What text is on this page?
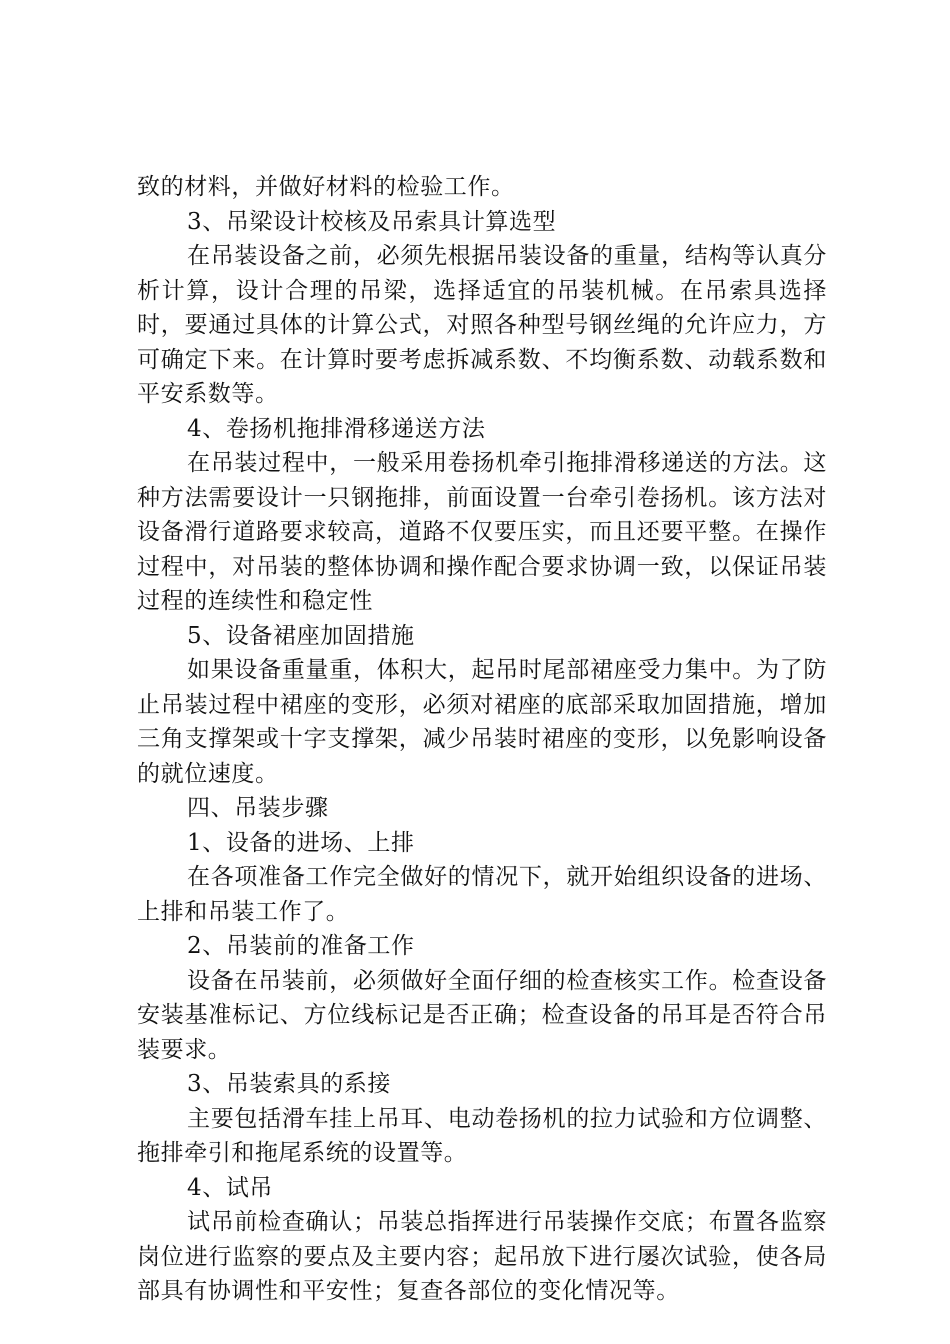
致的材料，并做好材料的检验工作。

3、吊梁设计校核及吊索具计算选型

在吊装设备之前，必须先根据吊装设备的重量，结构等认真分析计算，设计合理的吊梁，选择适宜的吊装机械。在吊索具选择时，要通过具体的计算公式，对照各种型号钢丝绳的允许应力，方可确定下来。在计算时要考虑拆减系数、不均衡系数、动载系数和平安系数等。

4、卷扬机拖排滑移递送方法

在吊装过程中，一般采用卷扬机牵引拖排滑移递送的方法。这种方法需要设计一只钢拖排，前面设置一台牵引卷扬机。该方法对设备滑行道路要求较高，道路不仅要压实，而且还要平整。在操作过程中，对吊装的整体协调和操作配合要求协调一致，以保证吊装过程的连续性和稳定性

5、设备裙座加固措施

如果设备重量重，体积大，起吊时尾部裙座受力集中。为了防止吊装过程中裙座的变形，必须对裙座的底部采取加固措施，增加三角支撑架或十字支撑架，减少吊装时裙座的变形，以免影响设备的就位速度。

四、吊装步骤

1、设备的进场、上排

在各项准备工作完全做好的情况下，就开始组织设备的进场、上排和吊装工作了。

2、吊装前的准备工作

设备在吊装前，必须做好全面仔细的检查核实工作。检查设备安装基准标记、方位线标记是否正确；检查设备的吊耳是否符合吊装要求。

3、吊装索具的系接

主要包括滑车挂上吊耳、电动卷扬机的拉力试验和方位调整、拖排牵引和拖尾系统的设置等。

4、试吊

试吊前检查确认；吊装总指挥进行吊装操作交底；布置各监察岗位进行监察的要点及主要内容；起吊放下进行屡次试验，使各局部具有协调性和平安性；复查各部位的变化情况等。
